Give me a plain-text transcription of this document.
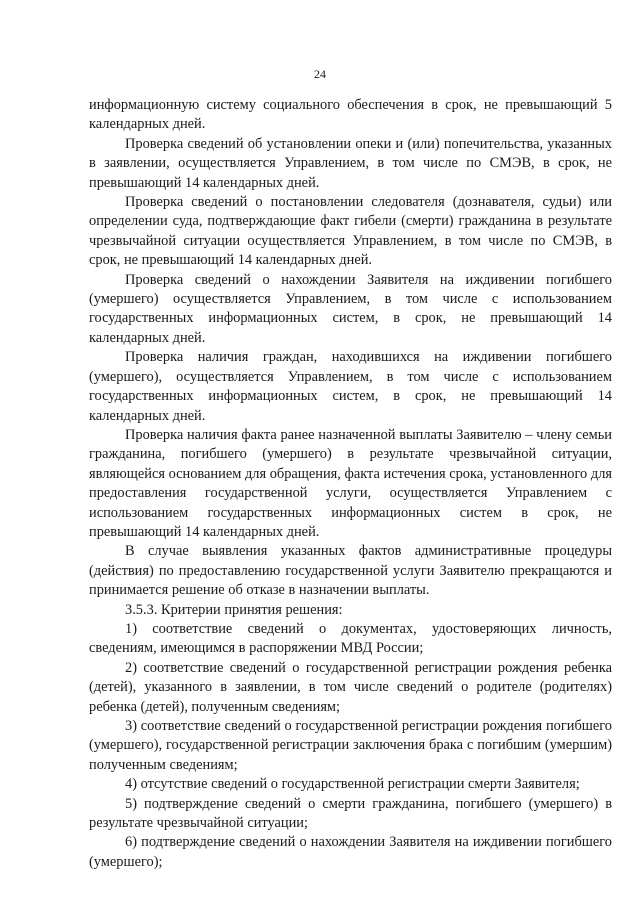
24

информационную систему социального обеспечения в срок, не превышающий 5 календарных дней.

Проверка сведений об установлении опеки и (или) попечительства, указанных в заявлении, осуществляется Управлением, в том числе по СМЭВ, в срок, не превышающий 14 календарных дней.

Проверка сведений о постановлении следователя (дознавателя, судьи) или определении суда, подтверждающие факт гибели (смерти) гражданина в результате чрезвычайной ситуации осуществляется Управлением, в том числе по СМЭВ, в срок, не превышающий 14 календарных дней.

Проверка сведений о нахождении Заявителя на иждивении погибшего (умершего) осуществляется Управлением, в том числе с использованием государственных информационных систем, в срок, не превышающий 14 календарных дней.

Проверка наличия граждан, находившихся на иждивении погибшего (умершего), осуществляется Управлением, в том числе с использованием государственных информационных систем, в срок, не превышающий 14 календарных дней.

Проверка наличия факта ранее назначенной выплаты Заявителю – члену семьи гражданина, погибшего (умершего) в результате чрезвычайной ситуации, являющейся основанием для обращения, факта истечения срока, установленного для предоставления государственной услуги, осуществляется Управлением с использованием государственных информационных систем в срок, не превышающий 14 календарных дней.

В случае выявления указанных фактов административные процедуры (действия) по предоставлению государственной услуги Заявителю прекращаются и принимается решение об отказе в назначении выплаты.

3.5.3. Критерии принятия решения:

1) соответствие сведений о документах, удостоверяющих личность, сведениям, имеющимся в распоряжении МВД России;

2) соответствие сведений о государственной регистрации рождения ребенка (детей), указанного в заявлении, в том числе сведений о родителе (родителях) ребенка (детей), полученным сведениям;

3) соответствие сведений о государственной регистрации рождения погибшего (умершего), государственной регистрации заключения брака с погибшим (умершим) полученным сведениям;

4) отсутствие сведений о государственной регистрации смерти Заявителя;

5) подтверждение сведений о смерти гражданина, погибшего (умершего) в результате чрезвычайной ситуации;

6) подтверждение сведений о нахождении Заявителя на иждивении погибшего (умершего);
